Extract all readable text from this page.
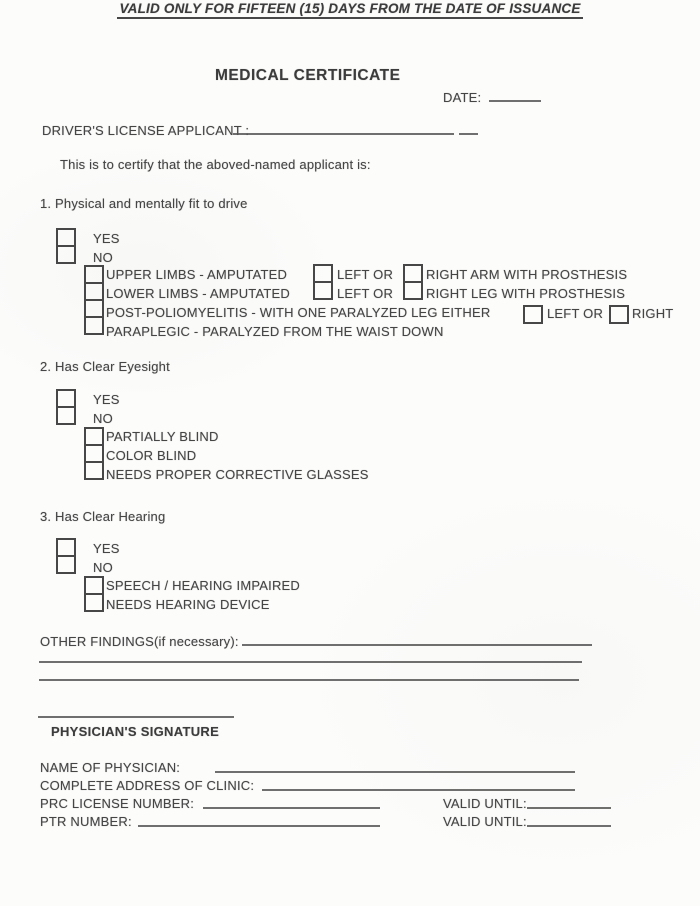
MEDICAL CERTIFICATE
DATE:
DRIVER'S LICENSE APPLICANT :
This is to certify that the aboved-named applicant is:
1. Physical and mentally fit to drive
YES
NO
UPPER LIMBS - AMPUTATED
LOWER LIMBS - AMPUTATED
POST-POLIOMYELITIS - WITH ONE PARALYZED LEG EITHER
PARAPLEGIC - PARALYZED FROM THE WAIST DOWN
LEFT OR
LEFT OR
RIGHT ARM WITH PROSTHESIS
RIGHT LEG WITH PROSTHESIS
LEFT OR RIGHT
2. Has Clear Eyesight
YES
NO
PARTIALLY BLIND
COLOR BLIND
NEEDS PROPER CORRECTIVE GLASSES
3. Has Clear Hearing
YES
NO
SPEECH / HEARING IMPAIRED
NEEDS HEARING DEVICE
OTHER FINDINGS(if necessary):
PHYSICIAN'S SIGNATURE
NAME OF PHYSICIAN:
COMPLETE ADDRESS OF CLINIC:
PRC LICENSE NUMBER:	VALID UNTIL:
PTR NUMBER:	VALID UNTIL:
VALID ONLY FOR FIFTEEN (15) DAYS FROM THE DATE OF ISSUANCE
